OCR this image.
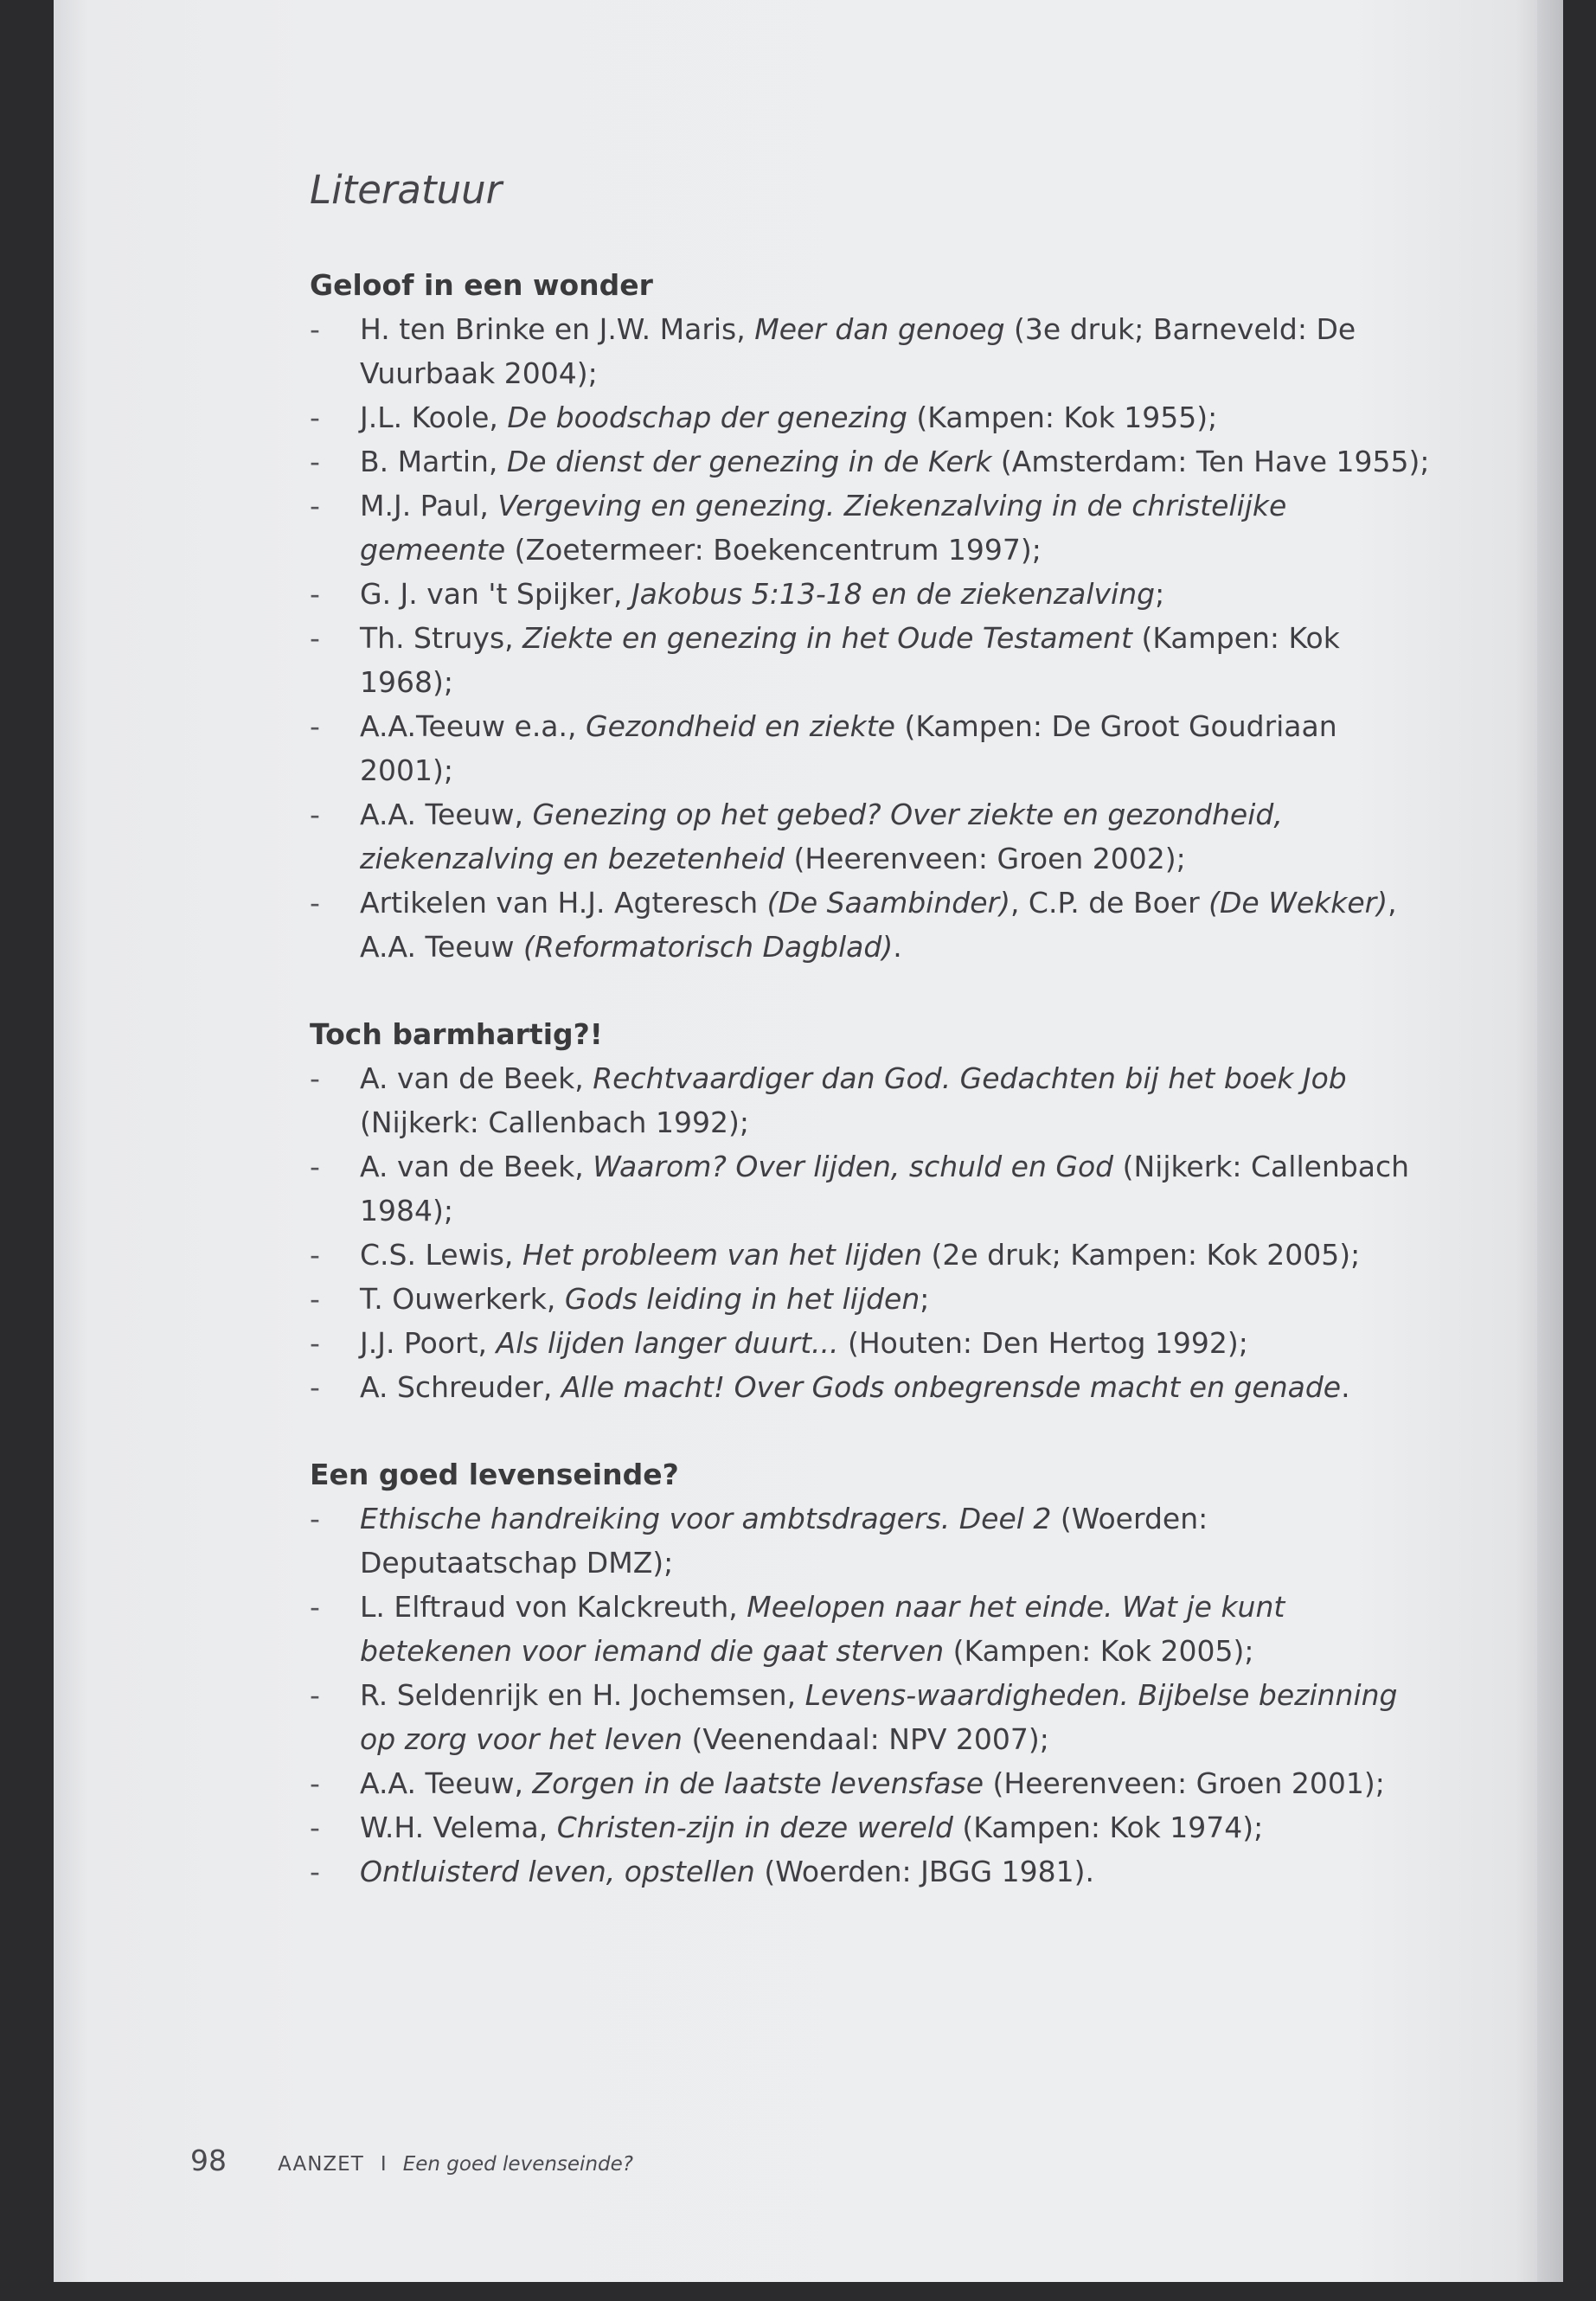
Literatuur
Geloof in een wonder
- H. ten Brinke en J.W. Maris, Meer dan genoeg (3e druk; Barneveld: De Vuurbaak 2004);
- J.L. Koole, De boodschap der genezing (Kampen: Kok 1955);
- B. Martin, De dienst der genezing in de Kerk (Amsterdam: Ten Have 1955);
- M.J. Paul, Vergeving en genezing. Ziekenzalving in de christelijke gemeente (Zoetermeer: Boekencentrum 1997);
- G. J. van 't Spijker, Jakobus 5:13-18 en de ziekenzalving;
- Th. Struys, Ziekte en genezing in het Oude Testament (Kampen: Kok 1968);
- A.A.Teeuw e.a., Gezondheid en ziekte (Kampen: De Groot Goudriaan 2001);
- A.A. Teeuw, Genezing op het gebed? Over ziekte en gezondheid, ziekenzalving en bezetenheid (Heerenveen: Groen 2002);
- Artikelen van H.J. Agteresch (De Saambinder), C.P. de Boer (De Wekker), A.A. Teeuw (Reformatorisch Dagblad).
Toch barmhartig?!
- A. van de Beek, Rechtvaardiger dan God. Gedachten bij het boek Job (Nijkerk: Callenbach 1992);
- A. van de Beek, Waarom? Over lijden, schuld en God (Nijkerk: Callenbach 1984);
- C.S. Lewis, Het probleem van het lijden (2e druk; Kampen: Kok 2005);
- T. Ouwerkerk, Gods leiding in het lijden;
- J.J. Poort, Als lijden langer duurt... (Houten: Den Hertog 1992);
- A. Schreuder, Alle macht! Over Gods onbegrensde macht en genade.
Een goed levenseinde?
- Ethische handreiking voor ambtsdragers. Deel 2 (Woerden: Deputaatschap DMZ);
- L. Elftraud von Kalckreuth, Meelopen naar het einde. Wat je kunt betekenen voor iemand die gaat sterven (Kampen: Kok 2005);
- R. Seldenrijk en H. Jochemsen, Levens-waardigheden. Bijbelse bezinning op zorg voor het leven (Veenendaal: NPV 2007);
- A.A. Teeuw, Zorgen in de laatste levensfase (Heerenveen: Groen 2001);
- W.H. Velema, Christen-zijn in deze wereld (Kampen: Kok 1974);
- Ontluisterd leven, opstellen (Woerden: JBGG 1981).
98	AANZET I Een goed levenseinde?
